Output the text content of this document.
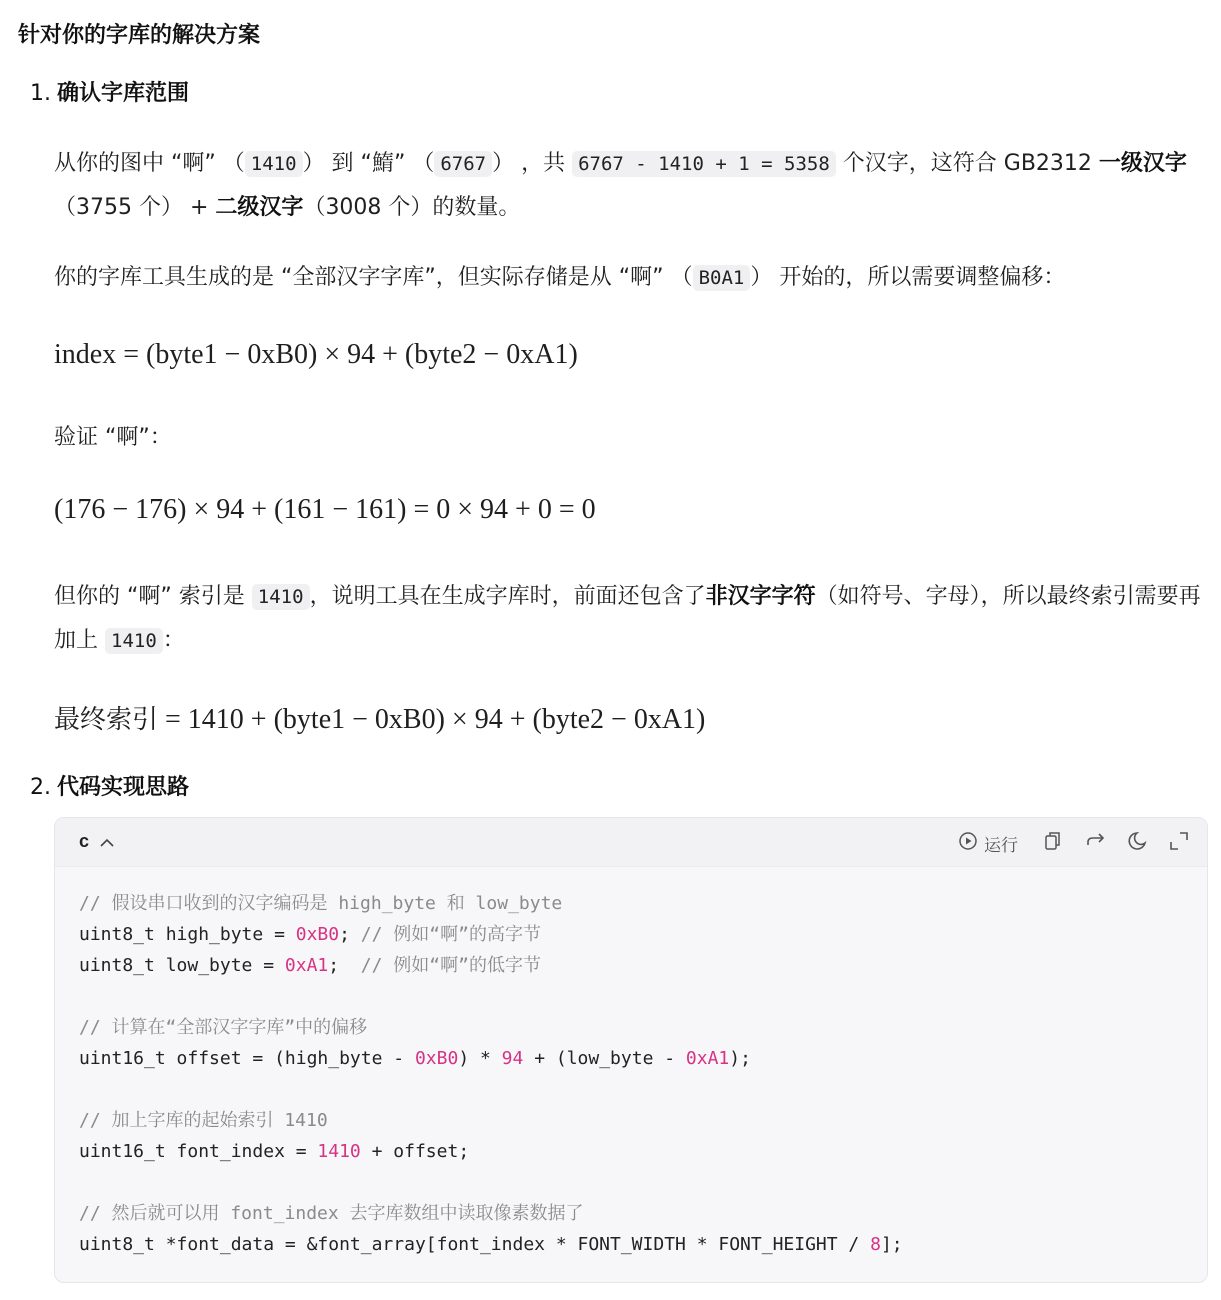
针对你的字库的解决方案
1. 确认字库范围

从你的图中 “啊” （ 1410 ） 到 “鰖” （ 6767 ） ，共 6767 - 1410 + 1 = 5358 个汉字，这符合 GB2312 一级汉字（3755 个） + 二级汉字（3008 个）的数量。

你的字库工具生成的是 “全部汉字字库”，但实际存储是从 “啊” （ B0A1 ） 开始的，所以需要调整偏移：

index = (byte1 − 0xB0) × 94 + (byte2 − 0xA1)

验证 “啊”：

(176 − 176) × 94 + (161 − 161) = 0 × 94 + 0 = 0

但你的 “啊” 索引是 1410 ，说明工具在生成字库时，前面还包含了非汉字字符（如符号、字母），所以最终索引需要再加上 1410 ：

最终索引 = 1410 + (byte1 − 0xB0) × 94 + (byte2 − 0xA1)
2. 代码实现思路
c	运行
// 假设串口收到的汉字编码是 high_byte 和 low_byte
uint8_t high_byte = 0xB0; // 例如“啊”的高字节
uint8_t low_byte = 0xA1;  // 例如“啊”的低字节

// 计算在“全部汉字字库”中的偏移
uint16_t offset = (high_byte - 0xB0) * 94 + (low_byte - 0xA1);

// 加上字库的起始索引 1410
uint16_t font_index = 1410 + offset;

// 然后就可以用 font_index 去字库数组中读取像素数据了
uint8_t *font_data = &font_array[font_index * FONT_WIDTH * FONT_HEIGHT / 8];
